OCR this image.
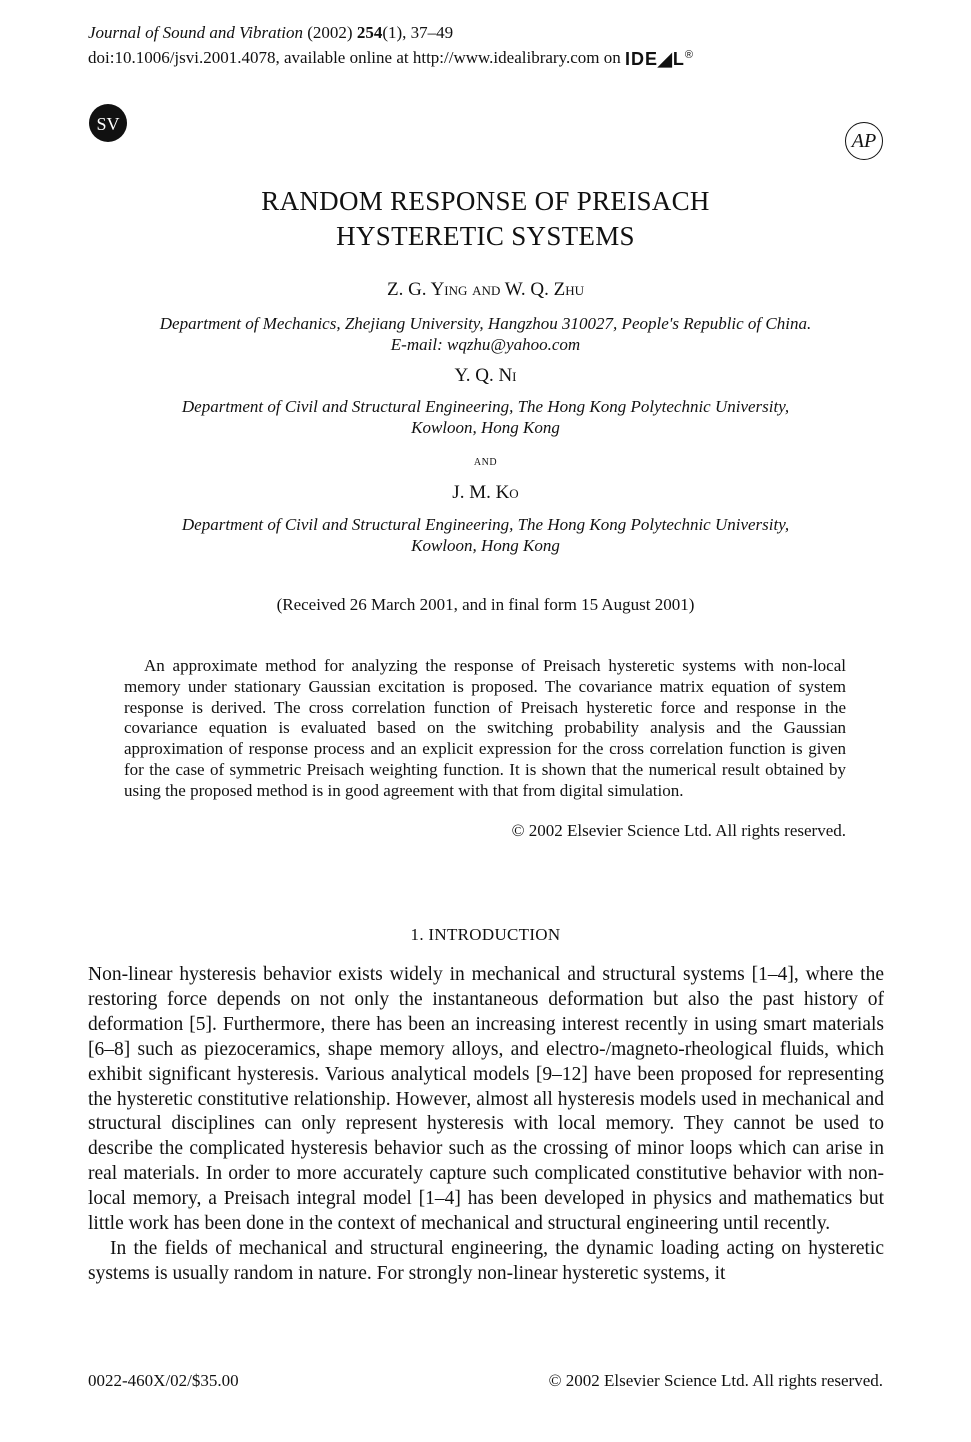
Journal of Sound and Vibration (2002) 254(1), 37–49
doi:10.1006/jsvi.2001.4078, available online at http://www.idealibrary.com on IDE◢L®
SV
AP
RANDOM RESPONSE OF PREISACH
HYSTERETIC SYSTEMS
Z. G. Ying and W. Q. Zhu
Department of Mechanics, Zhejiang University, Hangzhou 310027, People's Republic of China.
E-mail: wqzhu@yahoo.com
Y. Q. Ni
Department of Civil and Structural Engineering, The Hong Kong Polytechnic University,
Kowloon, Hong Kong
and
J. M. Ko
Department of Civil and Structural Engineering, The Hong Kong Polytechnic University,
Kowloon, Hong Kong
(Received 26 March 2001, and in final form 15 August 2001)
An approximate method for analyzing the response of Preisach hysteretic systems with non-local memory under stationary Gaussian excitation is proposed. The covariance matrix equation of system response is derived. The cross correlation function of Preisach hysteretic force and response in the covariance equation is evaluated based on the switching probability analysis and the Gaussian approximation of response process and an explicit expression for the cross correlation function is given for the case of symmetric Preisach weighting function. It is shown that the numerical result obtained by using the proposed method is in good agreement with that from digital simulation.
© 2002 Elsevier Science Ltd. All rights reserved.
1. INTRODUCTION

Non-linear hysteresis behavior exists widely in mechanical and structural systems [1–4], where the restoring force depends on not only the instantaneous deformation but also the past history of deformation [5]. Furthermore, there has been an increasing interest recently in using smart materials [6–8] such as piezoceramics, shape memory alloys, and electro-/magneto-rheological fluids, which exhibit significant hysteresis. Various analytical models [9–12] have been proposed for representing the hysteretic constitutive relationship. However, almost all hysteresis models used in mechanical and structural disciplines can only represent hysteresis with local memory. They cannot be used to describe the complicated hysteresis behavior such as the crossing of minor loops which can arise in real materials. In order to more accurately capture such complicated constitutive behavior with non-local memory, a Preisach integral model [1–4] has been developed in physics and mathematics but little work has been done in the context of mechanical and structural engineering until recently.

In the fields of mechanical and structural engineering, the dynamic loading acting on hysteretic systems is usually random in nature. For strongly non-linear hysteretic systems, it

0022-460X/02/$35.00	© 2002 Elsevier Science Ltd. All rights reserved.
